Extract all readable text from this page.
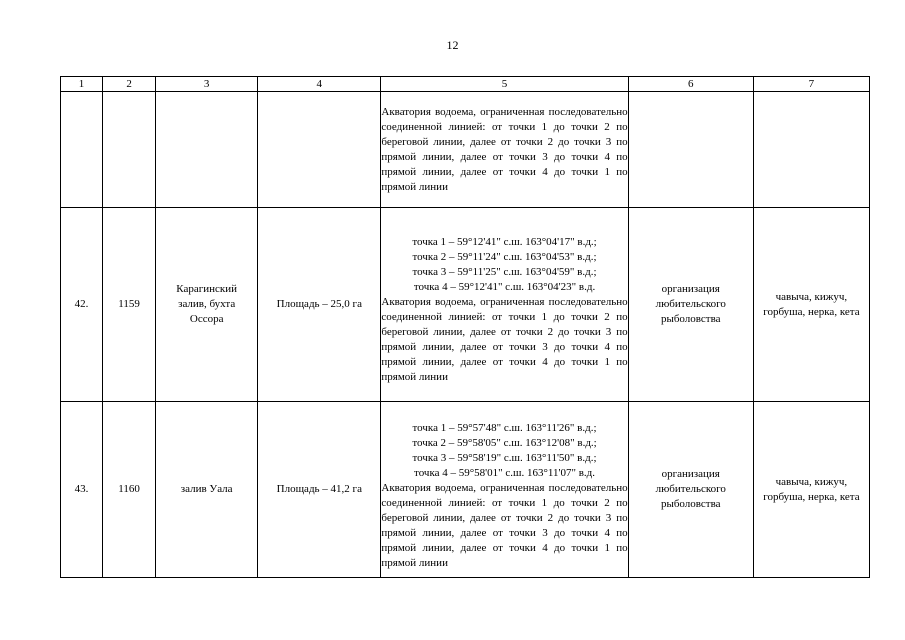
12
1	2	3	4	5	6	7

				Акватория водоема, ограниченная последовательно соединенной линией: от точки 1 до точки 2 по береговой линии, далее от точки 2 до точки 3 по прямой линии, далее от точки 3 до точки 4 по прямой линии, далее от точки 4 до точки 1 по прямой линии		

42.	1159	Карагинский залив, бухта Оссора	Площадь – 25,0 га	точка 1 – 59°12'41" с.ш. 163°04'17" в.д.;
точка 2 – 59°11'24" с.ш. 163°04'53" в.д.;
точка 3 – 59°11'25" с.ш. 163°04'59" в.д.;
точка 4 – 59°12'41" с.ш. 163°04'23" в.д.
Акватория водоема, ограниченная последовательно соединенной линией: от точки 1 до точки 2 по береговой линии, далее от точки 2 до точки 3 по прямой линии, далее от точки 3 до точки 4 по прямой линии, далее от точки 4 до точки 1 по прямой линии	организация любительского рыболовства	чавыча, кижуч, горбуша, нерка, кета

43.	1160	залив Уала	Площадь – 41,2 га	точка 1 – 59°57'48" с.ш. 163°11'26" в.д.;
точка 2 – 59°58'05" с.ш. 163°12'08" в.д.;
точка 3 – 59°58'19" с.ш. 163°11'50" в.д.;
точка 4 – 59°58'01" с.ш. 163°11'07" в.д.
Акватория водоема, ограниченная последовательно соединенной линией: от точки 1 до точки 2 по береговой линии, далее от точки 2 до точки 3 по прямой линии, далее от точки 3 до точки 4 по прямой линии, далее от точки 4 до точки 1 по прямой линии	организация любительского рыболовства	чавыча, кижуч, горбуша, нерка, кета
